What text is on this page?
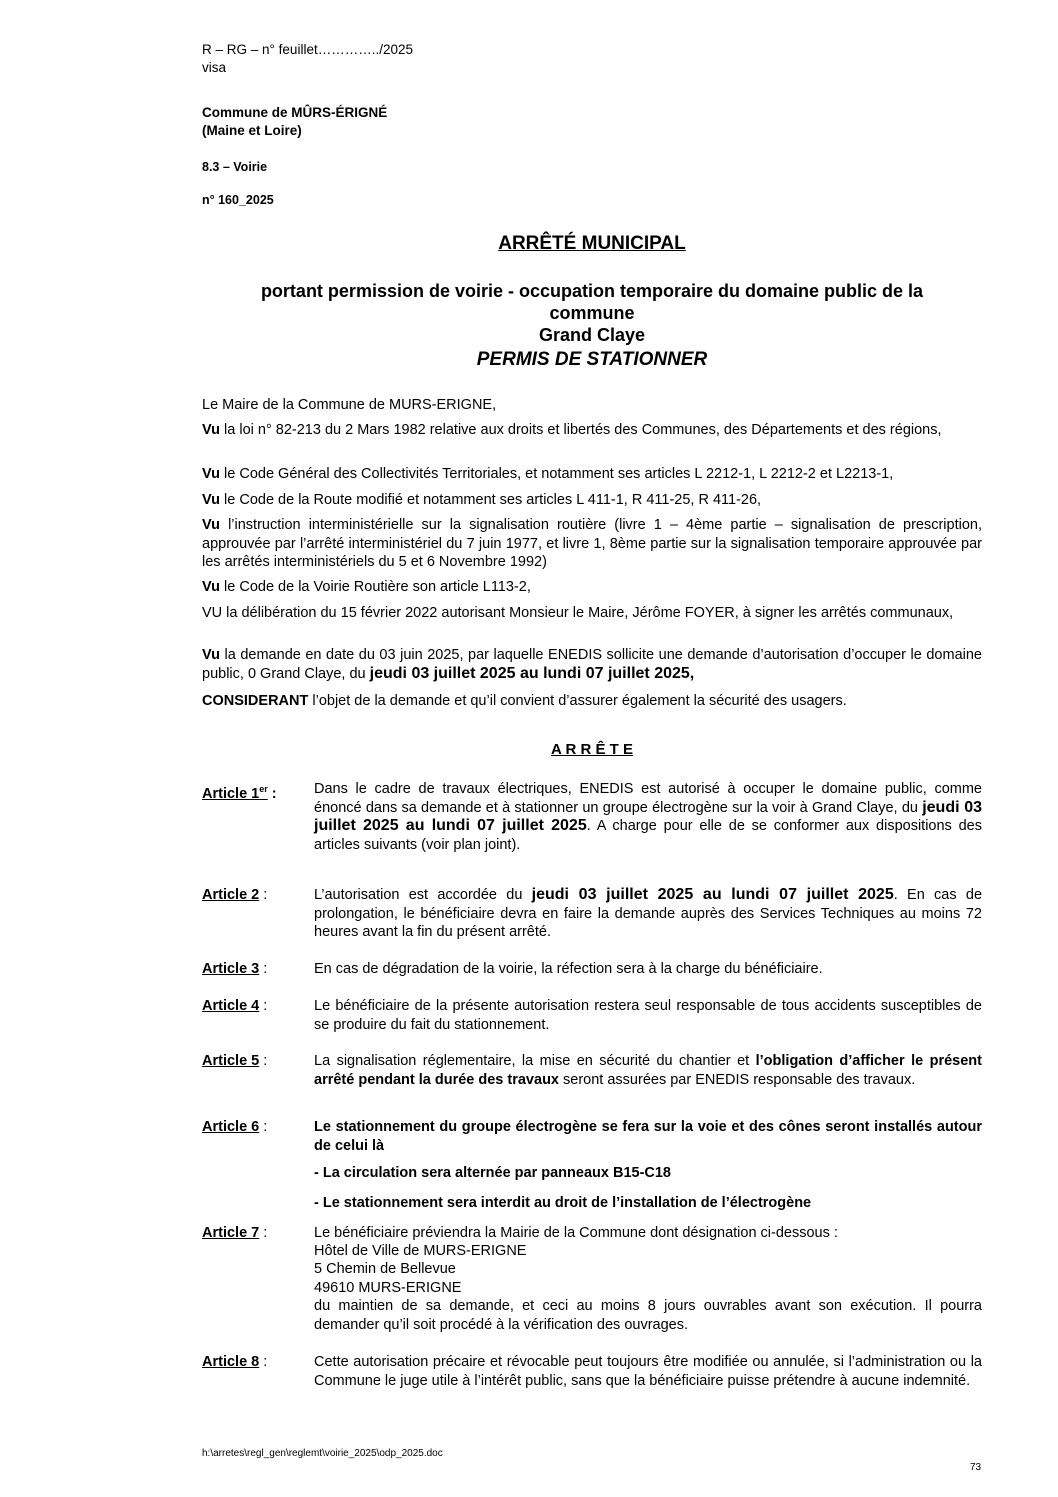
R – RG – n° feuillet…………../2025
visa
Commune de MÛRS-ÉRIGNÉ
(Maine et Loire)
8.3 – Voirie
n° 160_2025
ARRÊTÉ MUNICIPAL
portant permission de voirie - occupation temporaire du domaine public de la
commune
Grand Claye
PERMIS DE STATIONNER
Le Maire de la Commune de MURS-ERIGNE,
Vu la loi n° 82-213 du 2 Mars 1982 relative aux droits et libertés des Communes, des Départements et des régions,
Vu le Code Général des Collectivités Territoriales, et notamment ses articles L 2212-1, L 2212-2 et L2213-1,
Vu le Code de la Route modifié et notamment ses articles L 411-1, R 411-25, R 411-26,
Vu l’instruction interministérielle sur la signalisation routière (livre 1 – 4ème partie – signalisation de prescription, approuvée par l’arrêté interministériel du 7 juin 1977, et livre 1, 8ème partie sur la signalisation temporaire approuvée par les arrêtés interministériels du 5 et 6 Novembre 1992)
Vu le Code de la Voirie Routière son article L113-2,
VU la délibération du 15 février 2022 autorisant Monsieur le Maire, Jérôme FOYER, à signer les arrêtés communaux,
Vu la demande en date du 03 juin 2025, par laquelle ENEDIS sollicite une demande d’autorisation d’occuper le domaine public, 0 Grand Claye, du jeudi 03 juillet 2025 au lundi 07 juillet 2025,
CONSIDERANT l’objet de la demande et qu’il convient d’assurer également la sécurité des usagers.
A R R Ê T E
Article 1er :	Dans le cadre de travaux électriques, ENEDIS est autorisé à occuper le domaine public, comme énoncé dans sa demande et à stationner un groupe électrogène sur la voir à Grand Claye, du jeudi 03 juillet 2025 au lundi 07 juillet 2025. A charge pour elle de se conformer aux dispositions des articles suivants (voir plan joint).
Article 2 :	L’autorisation est accordée du jeudi 03 juillet 2025 au lundi 07 juillet 2025. En cas de prolongation, le bénéficiaire devra en faire la demande auprès des Services Techniques au moins 72 heures avant la fin du présent arrêté.
Article 3 :	En cas de dégradation de la voirie, la réfection sera à la charge du bénéficiaire.
Article 4 :	Le bénéficiaire de la présente autorisation restera seul responsable de tous accidents susceptibles de se produire du fait du stationnement.
Article 5 :	La signalisation réglementaire, la mise en sécurité du chantier et l’obligation d’afficher le présent arrêté pendant la durée des travaux seront assurées par ENEDIS responsable des travaux.
Article 6 :	Le stationnement du groupe électrogène se fera sur la voie et des cônes seront installés autour de celui là
- La circulation sera alternée par panneaux B15-C18
- Le stationnement sera interdit au droit de l’installation de l’électrogène
Article 7 :	Le bénéficiaire préviendra la Mairie de la Commune dont désignation ci-dessous :
Hôtel de Ville de MURS-ERIGNE
5 Chemin de Bellevue
49610 MURS-ERIGNE
du maintien de sa demande, et ceci au moins 8 jours ouvrables avant son exécution. Il pourra demander qu’il soit procédé à la vérification des ouvrages.
Article 8 :	Cette autorisation précaire et révocable peut toujours être modifiée ou annulée, si l’administration ou la Commune le juge utile à l’intérêt public, sans que la bénéficiaire puisse prétendre à aucune indemnité.
h:\arretes\regl_gen\reglemt\voirie_2025\odp_2025.doc
73
